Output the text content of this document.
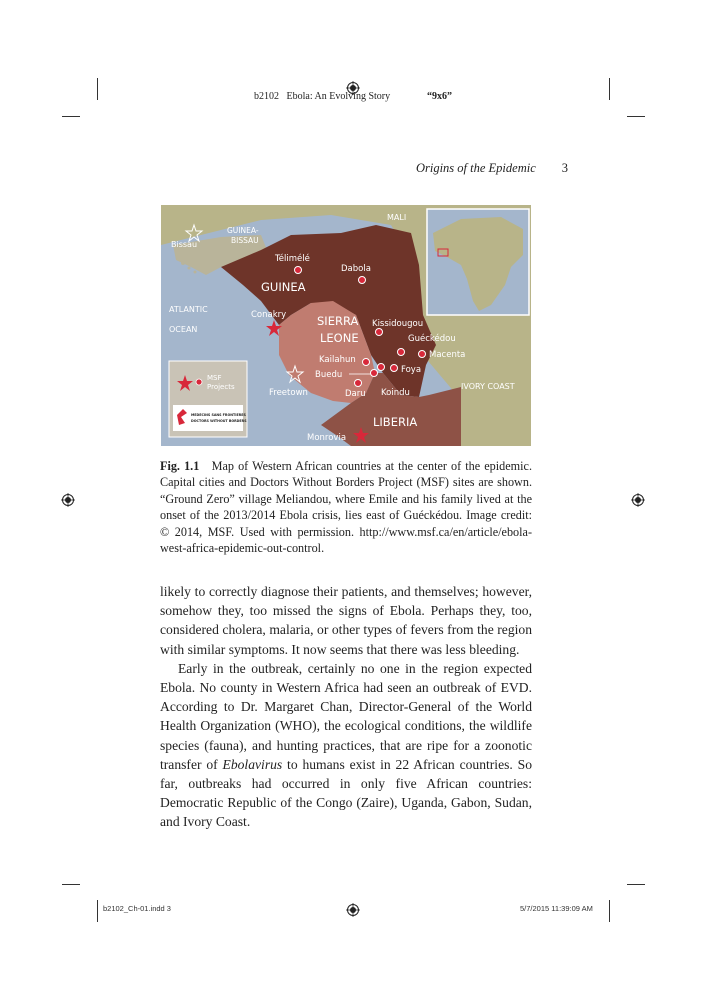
b2102 Ebola: An Evolving Story	“9x6”
Origins of the Epidemic 3
MSF
Projects
MEDECINS SANS FRONTIERES
DOCTORS WITHOUT BORDERS
MALI
GUINEA-
BISSAU
Bissau
Télimélé
Dabola
GUINEA
ATLANTIC
OCEAN
Conakry	SIERRA
LEONE
Kissidougou
Guéckédou
Macenta
Kailahun
Buedu	Foya
Koindu
Daru
Freetown
IVORY COAST
LIBERIA
Monrovia
Fig. 1.1 Map of Western African countries at the center of the epidemic. Capital cities and Doctors Without Borders Project (MSF) sites are shown. “Ground Zero” village Meliandou, where Emile and his family lived at the onset of the 2013/2014 Ebola crisis, lies east of Guéckédou. Image credit: © 2014, MSF. Used with permission. http://www.msf.ca/en/article/ebola-west-africa-epidemic-out-control.

likely to correctly diagnose their patients, and themselves; however, somehow they, too missed the signs of Ebola. Perhaps they, too, considered cholera, malaria, or other types of fevers from the region with similar symptoms. It now seems that there was less bleeding.

Early in the outbreak, certainly no one in the region expected Ebola. No county in Western Africa had seen an outbreak of EVD. According to Dr. Margaret Chan, Director-General of the World Health Organization (WHO), the ecological conditions, the wildlife species (fauna), and hunting practices, that are ripe for a zoonotic transfer of Ebolavirus to humans exist in 22 African countries. So far, outbreaks had occurred in only five African countries: Democratic Republic of the Congo (Zaire), Uganda, Gabon, Sudan, and Ivory Coast.

b2102_Ch-01.indd 3	5/7/2015 11:39:09 AM
